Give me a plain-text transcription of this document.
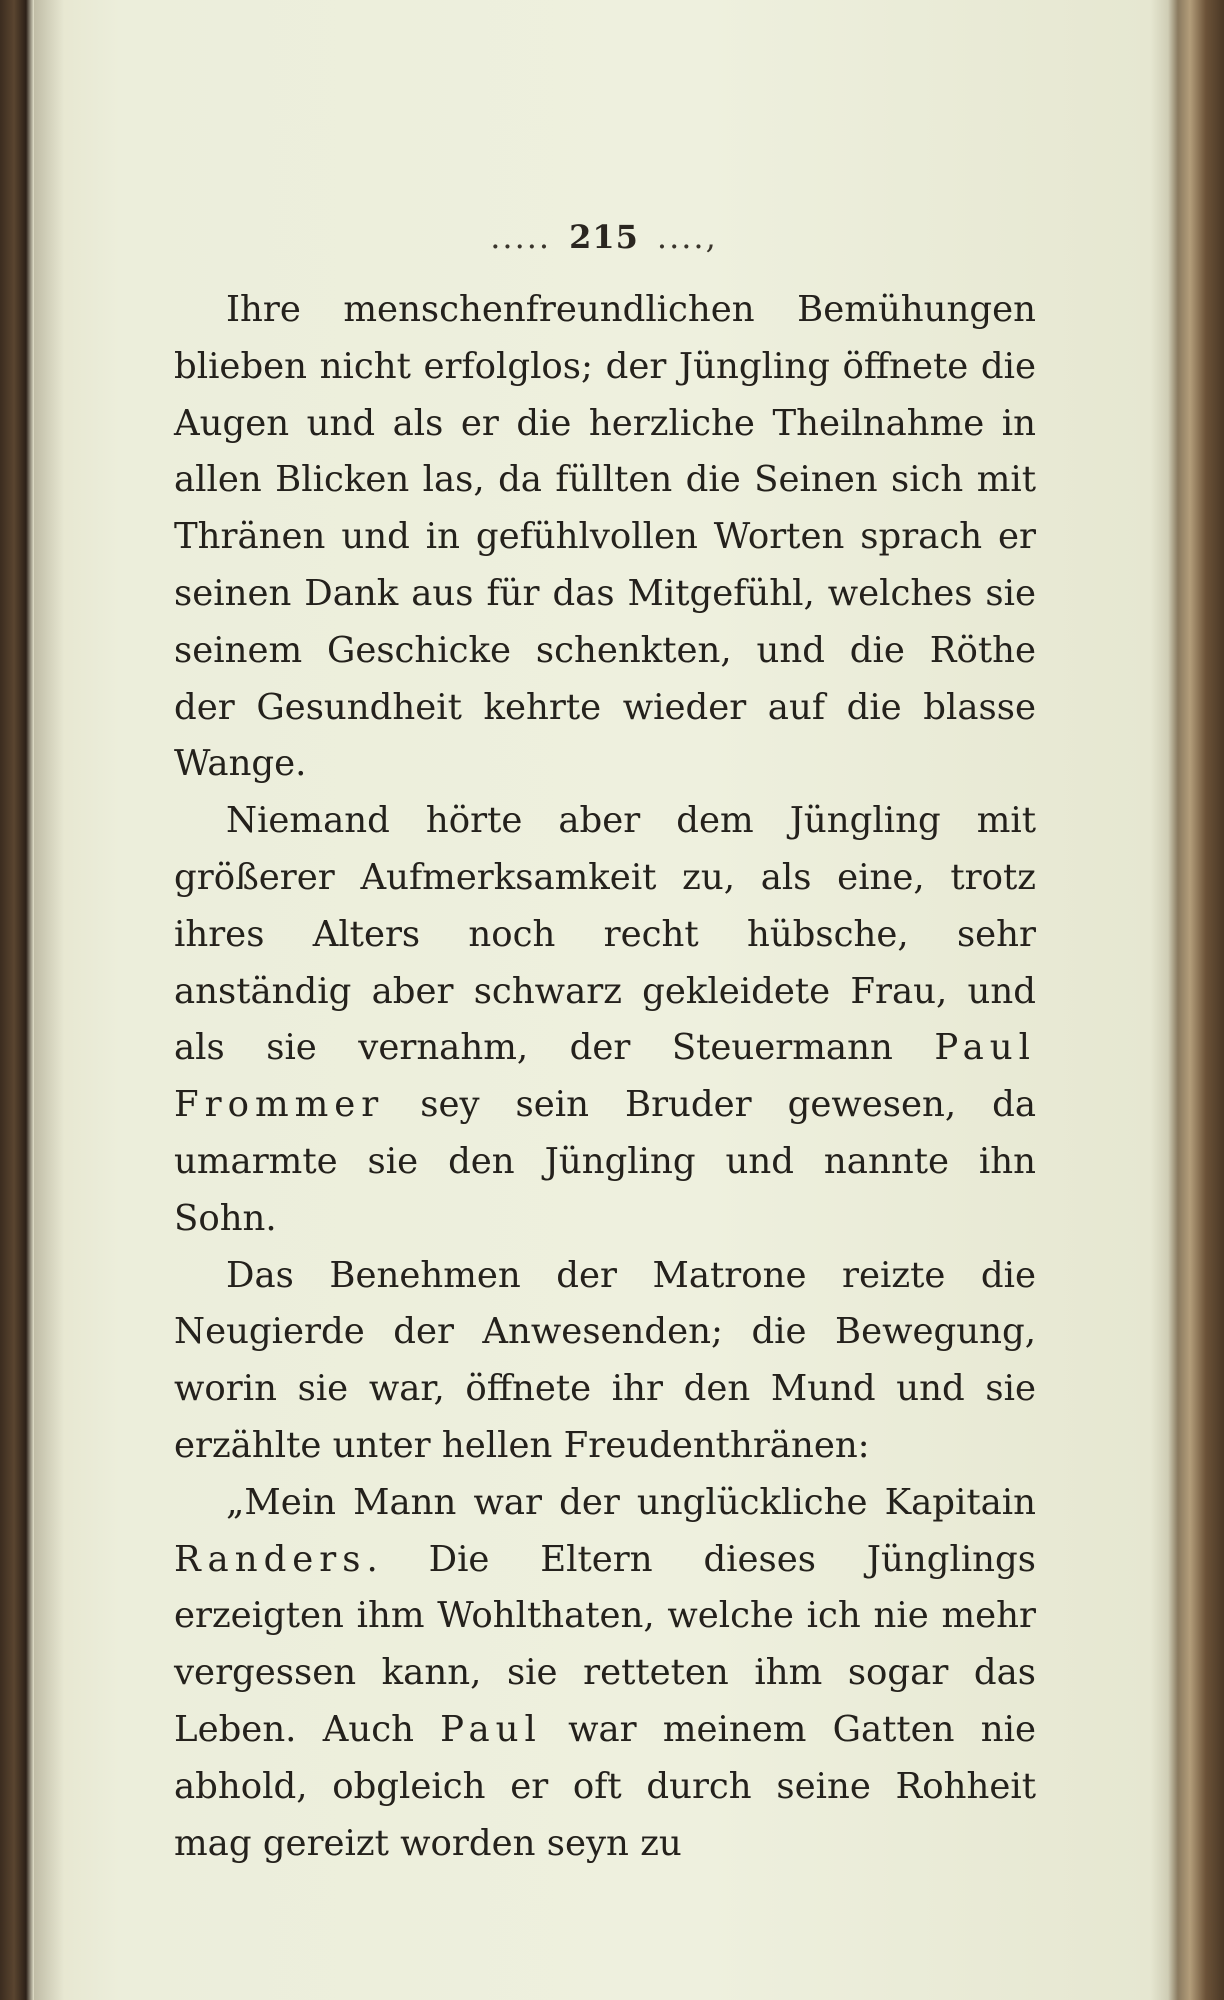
..... 215 ....,

Ihre menschenfreundlichen Bemühungen blieben nicht erfolglos; der Jüngling öffnete die Augen und als er die herzliche Theilnahme in allen Blicken las, da füllten die Seinen sich mit Thränen und in gefühlvollen Worten sprach er seinen Dank aus für das Mitgefühl, welches sie seinem Geschicke schenkten, und die Röthe der Gesundheit kehrte wieder auf die blasse Wange.

Niemand hörte aber dem Jüngling mit größerer Aufmerksamkeit zu, als eine, trotz ihres Alters noch recht hübsche, sehr anständig aber schwarz gekleidete Frau, und als sie vernahm, der Steuermann Paul Frommer sey sein Bruder gewesen, da umarmte sie den Jüngling und nannte ihn Sohn.

Das Benehmen der Matrone reizte die Neugierde der Anwesenden; die Bewegung, worin sie war, öffnete ihr den Mund und sie erzählte unter hellen Freudenthränen:

„Mein Mann war der unglückliche Kapitain Randers. Die Eltern dieses Jünglings erzeigten ihm Wohlthaten, welche ich nie mehr vergessen kann, sie retteten ihm sogar das Leben. Auch Paul war meinem Gatten nie abhold, obgleich er oft durch seine Rohheit mag gereizt worden seyn zu
